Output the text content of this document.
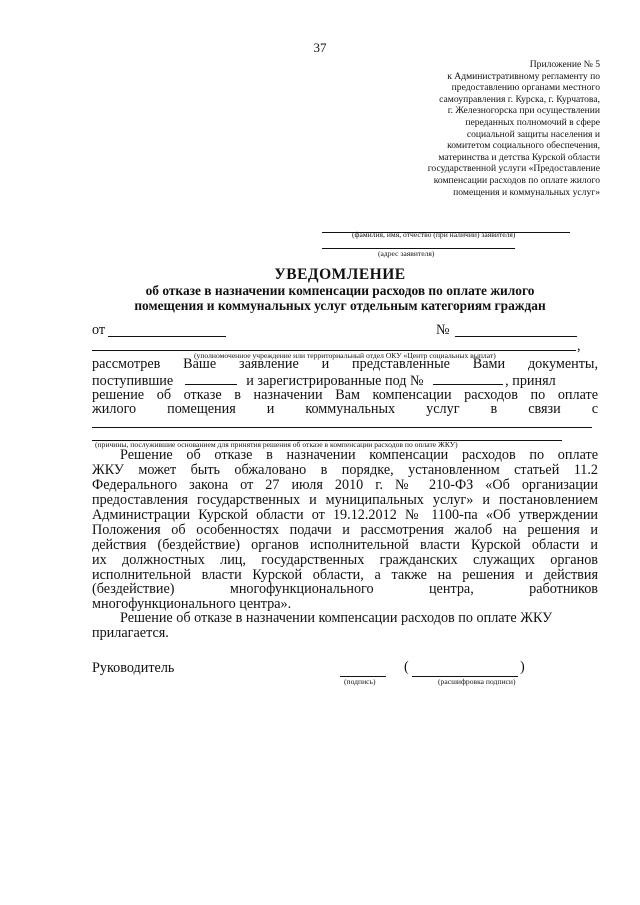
37
Приложение № 5
к Административному регламенту по
предоставлению органами местного
самоуправления г. Курска, г. Курчатова,
г. Железногорска при осуществлении
переданных полномочий в сфере
социальной защиты населения и
комитетом социального обеспечения,
материнства и детства Курской области
государственной услуги «Предоставление
компенсации расходов по оплате жилого
помещения и коммунальных услуг»
(фамилия, имя, отчество (при наличии) заявителя)
(адрес заявителя)
УВЕДОМЛЕНИЕ
об отказе в назначении компенсации расходов по оплате жилого
помещения и коммунальных услуг отдельным категориям граждан
от	№
,
(уполномоченное учреждение или территориальный отдел ОКУ «Центр социальных выплат)
рассмотрев Ваше заявление и представленные Вами документы,
поступившие	и зарегистрированные под №	, принял
решение об отказе в назначении Вам компенсации расходов по оплате
жилого помещения и коммунальных услуг в связи с
(причины, послужившие основанием для принятия решения об отказе в компенсации расходов по оплате ЖКУ)
Решение об отказе в назначении компенсации расходов по оплате
ЖКУ может быть обжаловано в порядке, установленном статьей 11.2
Федерального закона от 27 июля 2010 г. № 210-ФЗ «Об организации
предоставления государственных и муниципальных услуг» и постановлением
Администрации Курской области от 19.12.2012 № 1100-па «Об утверждении
Положения об особенностях подачи и рассмотрения жалоб на решения и
действия (бездействие) органов исполнительной власти Курской области и
их должностных лиц, государственных гражданских служащих органов
исполнительной власти Курской области, а также на решения и действия
(бездействие) многофункционального центра, работников
многофункционального центра».
Решение об отказе в назначении компенсации расходов по оплате ЖКУ
прилагается.
Руководитель
(подпись)
(	)
(расшифровка подписи)
